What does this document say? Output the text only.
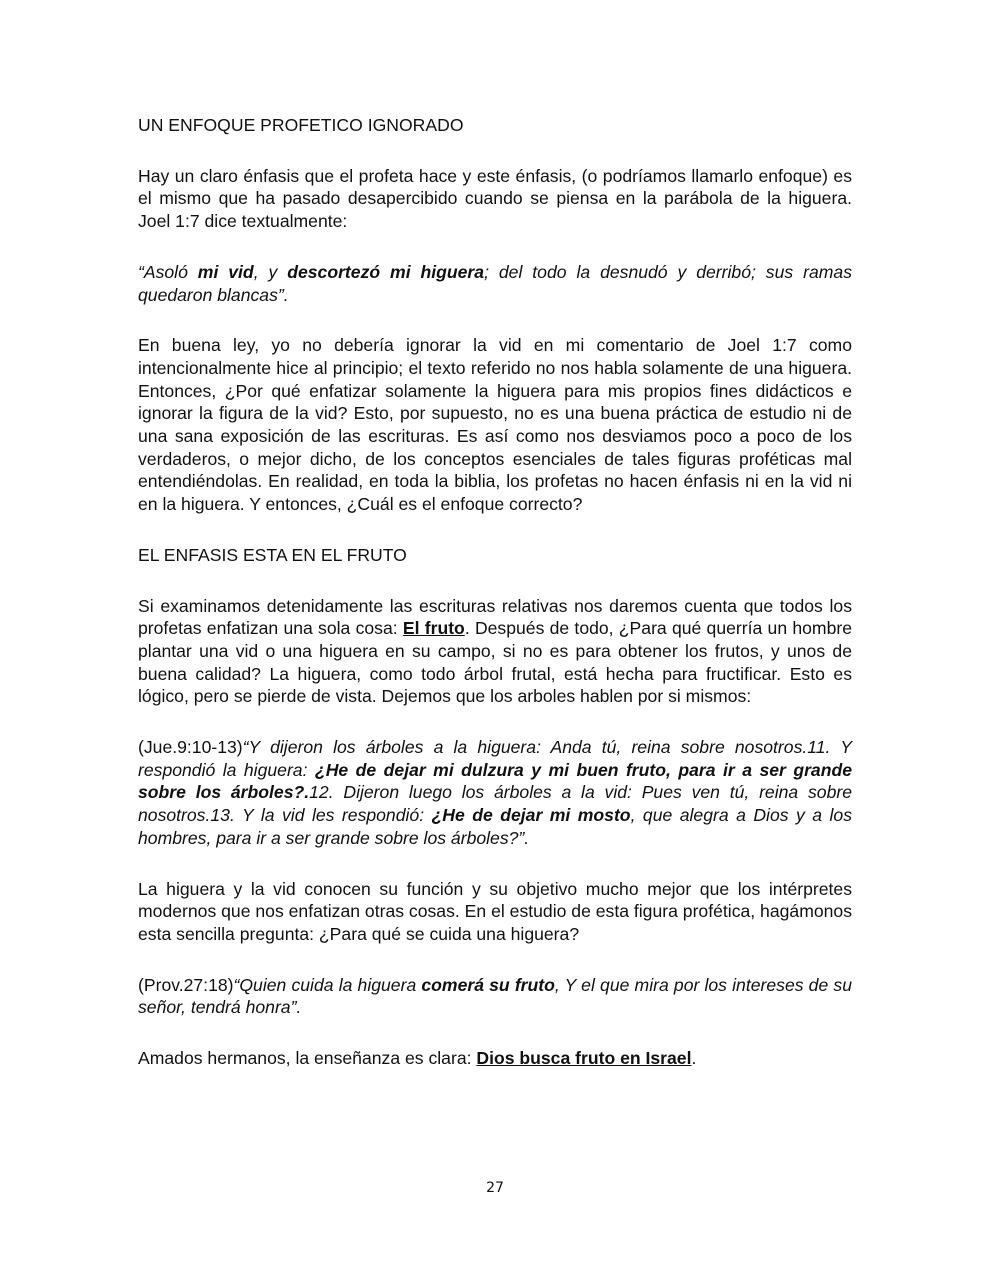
UN ENFOQUE PROFETICO IGNORADO

Hay un claro énfasis que el profeta hace y este énfasis, (o podríamos llamarlo enfoque) es el mismo que ha pasado desapercibido cuando se piensa en la parábola de la higuera. Joel 1:7 dice textualmente:

“Asoló mi vid, y descortezó mi higuera; del todo la desnudó y derribó; sus ramas quedaron blancas”.

En buena ley, yo no debería ignorar la vid en mi comentario de Joel 1:7 como intencionalmente hice al principio; el texto referido no nos habla solamente de una higuera. Entonces, ¿Por qué enfatizar solamente la higuera para mis propios fines didácticos e ignorar la figura de la vid? Esto, por supuesto, no es una buena práctica de estudio ni de una sana exposición de las escrituras. Es así como nos desviamos poco a poco de los verdaderos, o mejor dicho, de los conceptos esenciales de tales figuras proféticas mal entendiéndolas. En realidad, en toda la biblia, los profetas no hacen énfasis ni en la vid ni en la higuera. Y entonces, ¿Cuál es el enfoque correcto?

EL ENFASIS ESTA EN EL FRUTO

Si examinamos detenidamente las escrituras relativas nos daremos cuenta que todos los profetas enfatizan una sola cosa: El fruto. Después de todo, ¿Para qué querría un hombre plantar una vid o una higuera en su campo, si no es para obtener los frutos, y unos de buena calidad? La higuera, como todo árbol frutal, está hecha para fructificar. Esto es lógico, pero se pierde de vista. Dejemos que los arboles hablen por si mismos:

(Jue.9:10-13)“Y dijeron los árboles a la higuera: Anda tú, reina sobre nosotros.11. Y respondió la higuera: ¿He de dejar mi dulzura y mi buen fruto, para ir a ser grande sobre los árboles?.12. Dijeron luego los árboles a la vid: Pues ven tú, reina sobre nosotros.13. Y la vid les respondió: ¿He de dejar mi mosto, que alegra a Dios y a los hombres, para ir a ser grande sobre los árboles?”.

La higuera y la vid conocen su función y su objetivo mucho mejor que los intérpretes modernos que nos enfatizan otras cosas. En el estudio de esta figura profética, hagámonos esta sencilla pregunta: ¿Para qué se cuida una higuera?

(Prov.27:18)“Quien cuida la higuera comerá su fruto, Y el que mira por los intereses de su señor, tendrá honra”.

Amados hermanos, la enseñanza es clara: Dios busca fruto en Israel.

27
